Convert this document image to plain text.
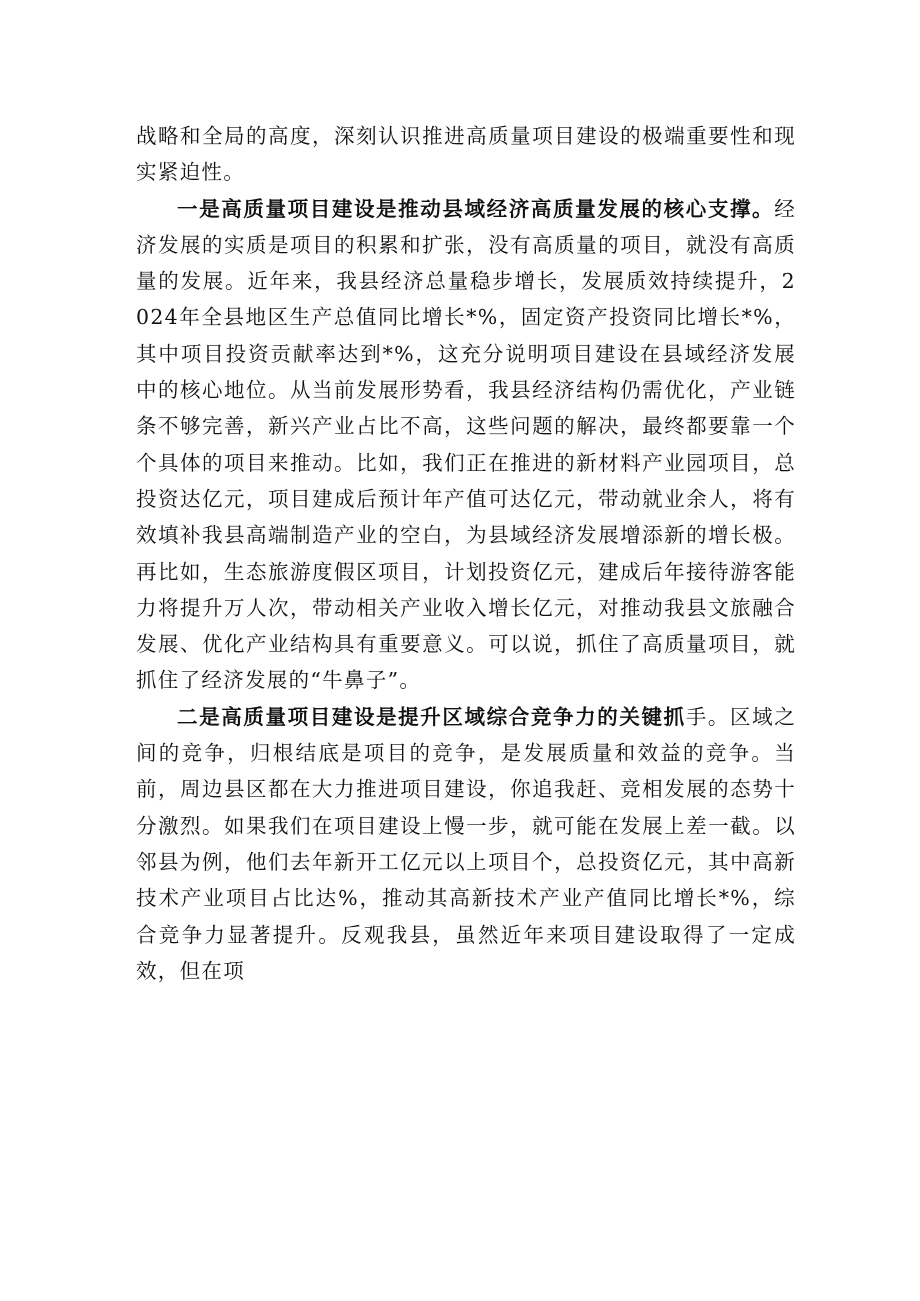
战略和全局的高度，深刻认识推进高质量项目建设的极端重要性和现实紧迫性。

一是高质量项目建设是推动县域经济高质量发展的核心支撑。经济发展的实质是项目的积累和扩张，没有高质量的项目，就没有高质量的发展。近年来，我县经济总量稳步增长，发展质效持续提升，2024年全县地区生产总值同比增长*%，固定资产投资同比增长*%，其中项目投资贡献率达到*%，这充分说明项目建设在县域经济发展中的核心地位。从当前发展形势看，我县经济结构仍需优化，产业链条不够完善，新兴产业占比不高，这些问题的解决，最终都要靠一个个具体的项目来推动。比如，我们正在推进的新材料产业园项目，总投资达亿元，项目建成后预计年产值可达亿元，带动就业余人，将有效填补我县高端制造产业的空白，为县域经济发展增添新的增长极。再比如，生态旅游度假区项目，计划投资亿元，建成后年接待游客能力将提升万人次，带动相关产业收入增长亿元，对推动我县文旅融合发展、优化产业结构具有重要意义。可以说，抓住了高质量项目，就抓住了经济发展的“牛鼻子”。

二是高质量项目建设是提升区域综合竞争力的关键抓手。区域之间的竞争，归根结底是项目的竞争，是发展质量和效益的竞争。当前，周边县区都在大力推进项目建设，你追我赶、竞相发展的态势十分激烈。如果我们在项目建设上慢一步，就可能在发展上差一截。以邻县为例，他们去年新开工亿元以上项目个，总投资亿元，其中高新技术产业项目占比达%，推动其高新技术产业产值同比增长*%，综合竞争力显著提升。反观我县，虽然近年来项目建设取得了一定成效，但在项
